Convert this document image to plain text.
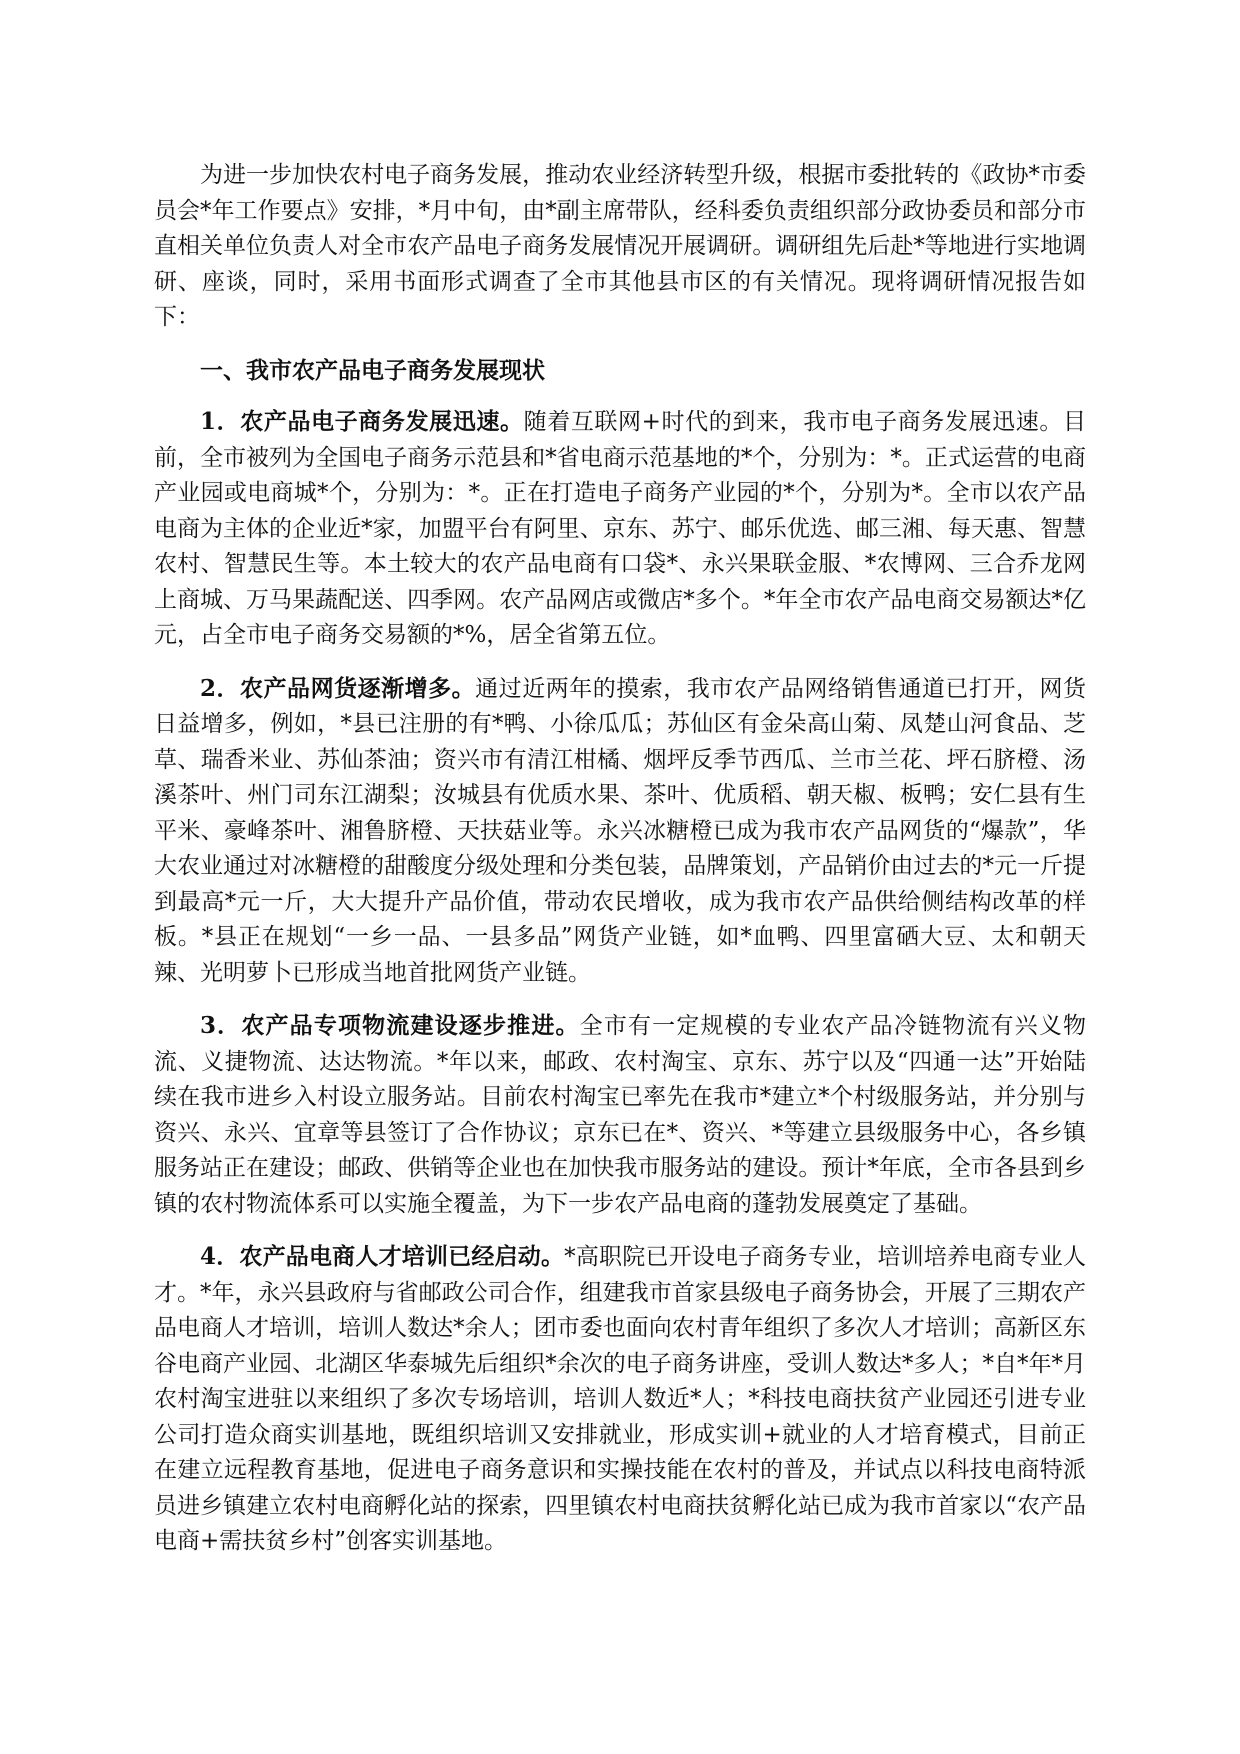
为进一步加快农村电子商务发展，推动农业经济转型升级，根据市委批转的《政协*市委员会*年工作要点》安排，*月中旬，由*副主席带队，经科委负责组织部分政协委员和部分市直相关单位负责人对全市农产品电子商务发展情况开展调研。调研组先后赴*等地进行实地调研、座谈，同时，采用书面形式调查了全市其他县市区的有关情况。现将调研情况报告如下：

一、我市农产品电子商务发展现状

1．农产品电子商务发展迅速。随着互联网+时代的到来，我市电子商务发展迅速。目前，全市被列为全国电子商务示范县和*省电商示范基地的*个，分别为：*。正式运营的电商产业园或电商城*个，分别为：*。正在打造电子商务产业园的*个，分别为*。全市以农产品电商为主体的企业近*家，加盟平台有阿里、京东、苏宁、邮乐优选、邮三湘、每天惠、智慧农村、智慧民生等。本土较大的农产品电商有口袋*、永兴果联金服、*农博网、三合乔龙网上商城、万马果蔬配送、四季网。农产品网店或微店*多个。*年全市农产品电商交易额达*亿元，占全市电子商务交易额的*%，居全省第五位。

2．农产品网货逐渐增多。通过近两年的摸索，我市农产品网络销售通道已打开，网货日益增多，例如，*县已注册的有*鸭、小徐瓜瓜；苏仙区有金朵高山菊、凤楚山河食品、芝草、瑞香米业、苏仙茶油；资兴市有清江柑橘、烟坪反季节西瓜、兰市兰花、坪石脐橙、汤溪茶叶、州门司东江湖梨；汝城县有优质水果、茶叶、优质稻、朝天椒、板鸭；安仁县有生平米、豪峰茶叶、湘鲁脐橙、天扶菇业等。永兴冰糖橙已成为我市农产品网货的“爆款”，华大农业通过对冰糖橙的甜酸度分级处理和分类包装，品牌策划，产品销价由过去的*元一斤提到最高*元一斤，大大提升产品价值，带动农民增收，成为我市农产品供给侧结构改革的样板。*县正在规划“一乡一品、一县多品”网货产业链，如*血鸭、四里富硒大豆、太和朝天辣、光明萝卜已形成当地首批网货产业链。

3．农产品专项物流建设逐步推进。全市有一定规模的专业农产品冷链物流有兴义物流、义捷物流、达达物流。*年以来，邮政、农村淘宝、京东、苏宁以及“四通一达”开始陆续在我市进乡入村设立服务站。目前农村淘宝已率先在我市*建立*个村级服务站，并分别与资兴、永兴、宜章等县签订了合作协议；京东已在*、资兴、*等建立县级服务中心，各乡镇服务站正在建设；邮政、供销等企业也在加快我市服务站的建设。预计*年底，全市各县到乡镇的农村物流体系可以实施全覆盖，为下一步农产品电商的蓬勃发展奠定了基础。

4．农产品电商人才培训已经启动。*高职院已开设电子商务专业，培训培养电商专业人才。*年，永兴县政府与省邮政公司合作，组建我市首家县级电子商务协会，开展了三期农产品电商人才培训，培训人数达*余人；团市委也面向农村青年组织了多次人才培训；高新区东谷电商产业园、北湖区华泰城先后组织*余次的电子商务讲座，受训人数达*多人；*自*年*月农村淘宝进驻以来组织了多次专场培训，培训人数近*人；*科技电商扶贫产业园还引进专业公司打造众商实训基地，既组织培训又安排就业，形成实训+就业的人才培育模式，目前正在建立远程教育基地，促进电子商务意识和实操技能在农村的普及，并试点以科技电商特派员进乡镇建立农村电商孵化站的探索，四里镇农村电商扶贫孵化站已成为我市首家以“农产品电商+需扶贫乡村”创客实训基地。
